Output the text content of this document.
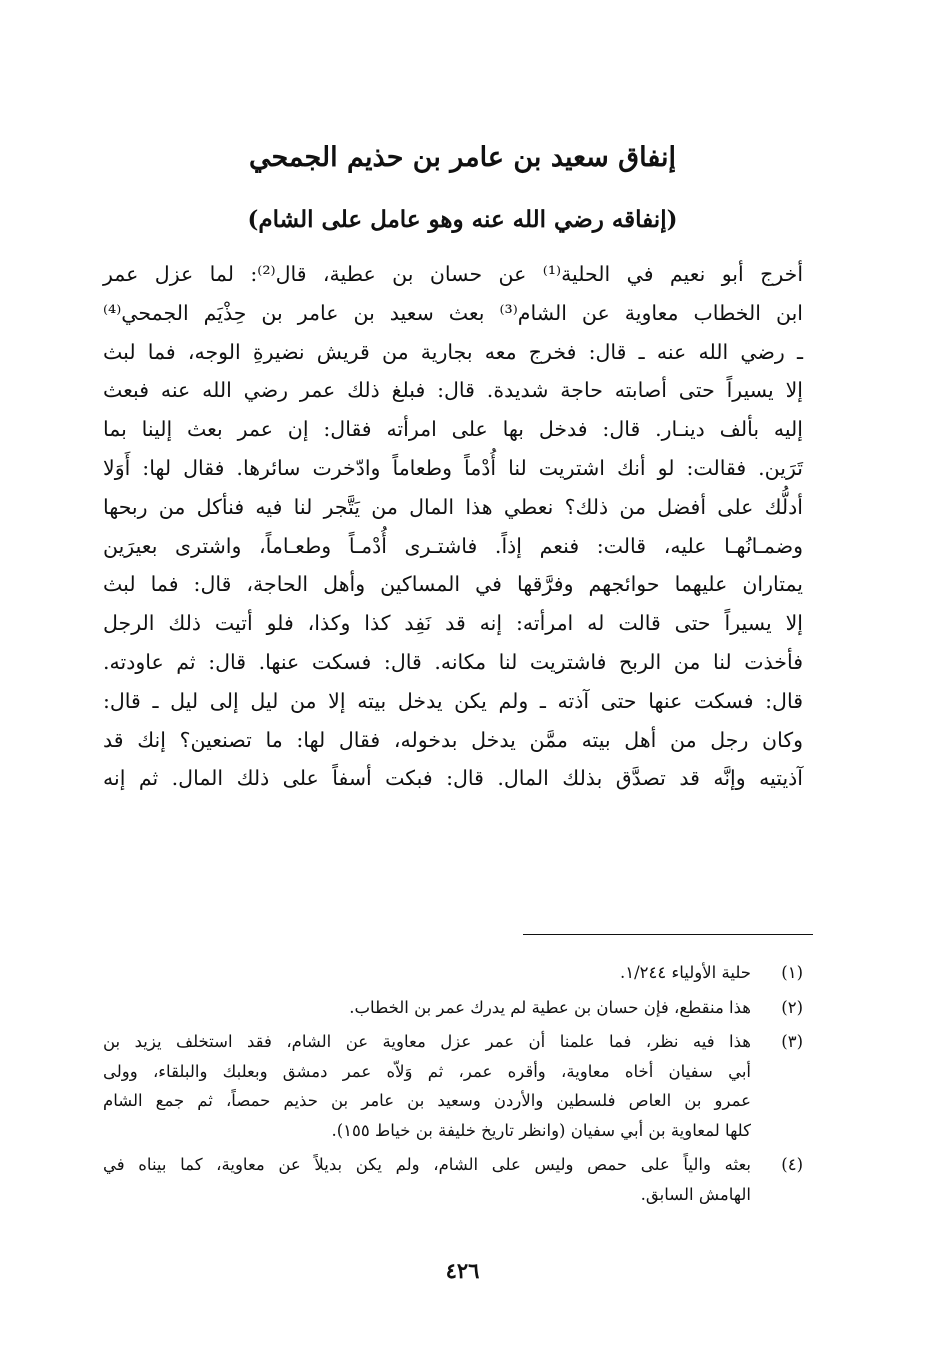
إنفاق سعيد بن عامر بن حذيم الجمحي
(إنفاقه رضي الله عنه وهو عامل على الشام)
أخرج أبو نعيم في الحلية⁽¹⁾ عن حسان بن عطية، قال⁽²⁾: لما عزل عمر
ابن الخطاب معاوية عن الشام⁽³⁾ بعث سعيد بن عامر بن حِذْيَم الجمحي⁽⁴⁾
ـ رضي الله عنه ـ قال: فخرج معه بجارية من قريش نضيرةِ الوجه، فما لبث
إلا يسيراً حتى أصابته حاجة شديدة. قال: فبلغ ذلك عمر رضي الله عنه فبعث
إليه بألف دينـار. قال: فدخل بها على امرأته فقال: إن عمر بعث إلينا بما
تَرَين. فقالت: لو أنك اشتريت لنا أُدْماً وطعاماً وادّخرت سائرها. فقال لها: أَوَلا
أدلُّك على أفضل من ذلك؟ نعطي هذا المال من يَتَّجر لنا فيه فنأكل من ربحها
وضمـانُهـا عليه، قالت: فنعم إذاً. فاشتـرى أُدْمـاً وطعـاماً، واشترى بعيرَين
يمتاران عليهما حوائجهم وفرَّقها في المساكين وأهل الحاجة، قال: فما لبث
إلا يسيراً حتى قالت له امرأته: إنه قد نَفِد كذا وكذا، فلو أتيت ذلك الرجل
فأخذت لنا من الربح فاشتريت لنا مكانه. قال: فسكت عنها. قال: ثم عاودته.
قال: فسكت عنها حتى آذته ـ ولم يكن يدخل بيته إلا من ليل إلى ليل ـ قال:
وكان رجل من أهل بيته ممَّن يدخل بدخوله، فقال لها: ما تصنعين؟ إنك قد
آذيتيه وإنَّه قد تصدَّق بذلك المال. قال: فبكت أسفاً على ذلك المال. ثم إنه
(١)
حلية الأولياء ١/٢٤٤.
(٢)
هذا منقطع، فإن حسان بن عطية لم يدرك عمر بن الخطاب.
(٣)
هذا فيه نظر، فما علمنا أن عمر عزل معاوية عن الشام، فقد استخلف يزيد بن
أبي سفيان أخاه معاوية، وأقره عمر، ثم وَلاّه عمر دمشق وبعلبك والبلقاء، وولى
عمرو بن العاص فلسطين والأردن وسعيد بن عامر بن حذيم حمصاً، ثم جمع الشام
كلها لمعاوية بن أبي سفيان (وانظر تاريخ خليفة بن خياط ١٥٥).
(٤)
بعثه والياً على حمص وليس على الشام، ولم يكن بديلاً عن معاوية، كما بيناه في
الهامش السابق.
٤٢٦
